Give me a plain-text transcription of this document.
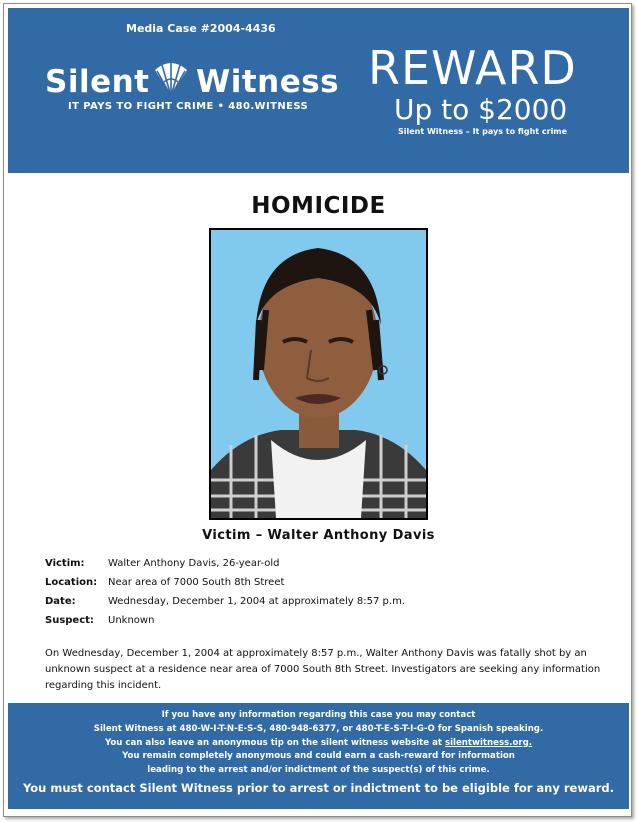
Media Case #2004-4436
Silent Witness
IT PAYS TO FIGHT CRIME • 480.WITNESS
REWARD
Up to $2000
Silent Witness – It pays to fight crime
HOMICIDE
Victim – Walter Anthony Davis
Victim:	Walter Anthony Davis, 26-year-old
Location:	Near area of 7000 South 8th Street
Date:	Wednesday, December 1, 2004 at approximately 8:57 p.m.
Suspect:	Unknown
On Wednesday, December 1, 2004 at approximately 8:57 p.m., Walter Anthony Davis was fatally shot by an unknown suspect at a residence near area of 7000 South 8th Street. Investigators are seeking any information regarding this incident.
If you have any information regarding this case you may contact
Silent Witness at 480-W-I-T-N-E-S-S, 480-948-6377, or 480-T-E-S-T-I-G-O for Spanish speaking.
You can also leave an anonymous tip on the silent witness website at silentwitness.org.
You remain completely anonymous and could earn a cash-reward for information
leading to the arrest and/or indictment of the suspect(s) of this crime.
You must contact Silent Witness prior to arrest or indictment to be eligible for any reward.
